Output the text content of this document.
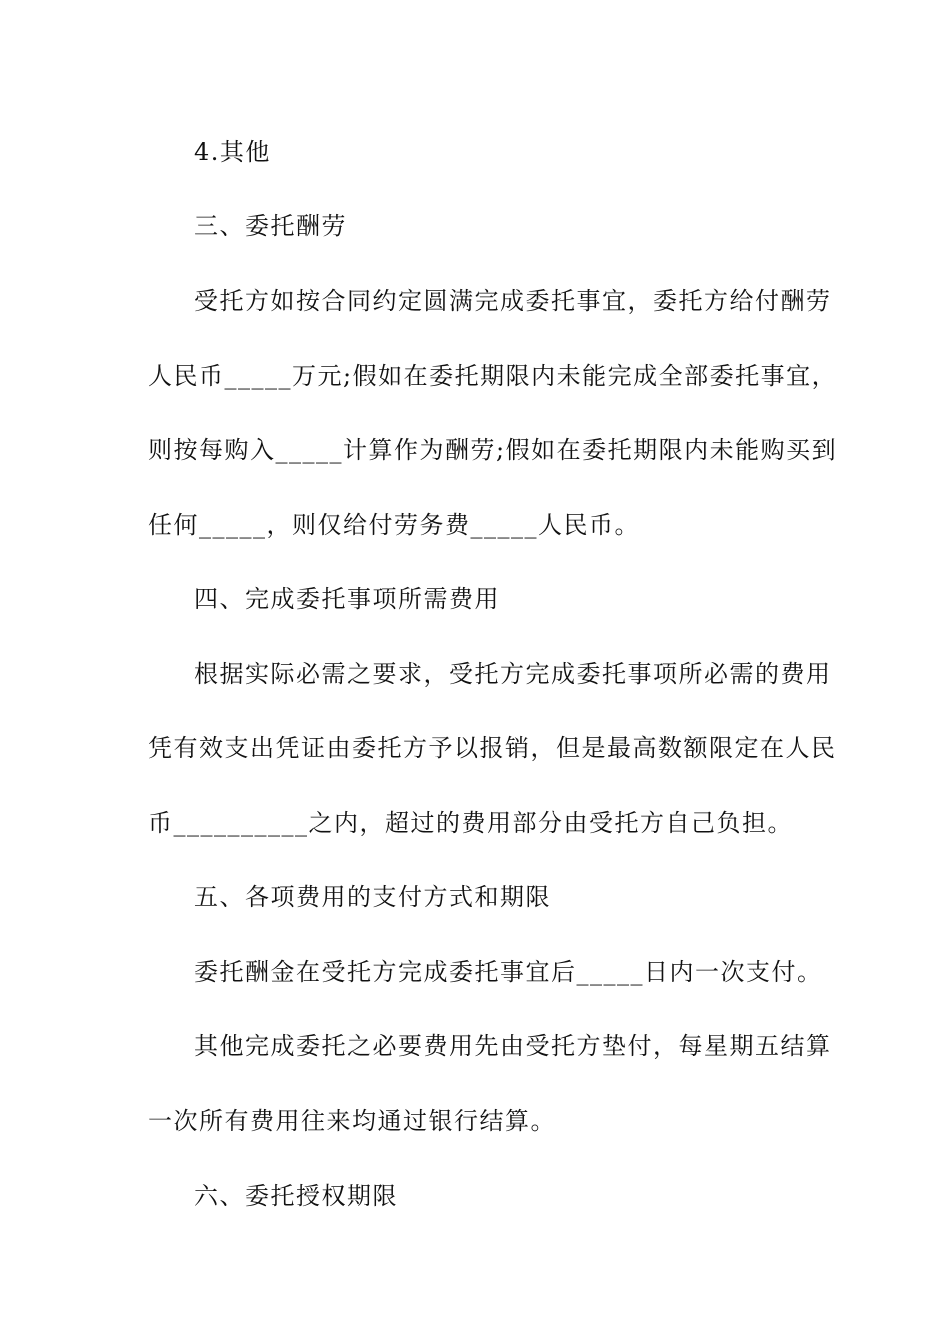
4.其他

三、委托酬劳

受托方如按合同约定圆满完成委托事宜，委托方给付酬劳

人民币_____万元;假如在委托期限内未能完成全部委托事宜，

则按每购入_____计算作为酬劳;假如在委托期限内未能购买到

任何_____，则仅给付劳务费_____人民币。

四、完成委托事项所需费用

根据实际必需之要求，受托方完成委托事项所必需的费用

凭有效支出凭证由委托方予以报销，但是最高数额限定在人民

币__________之内，超过的费用部分由受托方自己负担。

五、各项费用的支付方式和期限

委托酬金在受托方完成委托事宜后_____日内一次支付。

其他完成委托之必要费用先由受托方垫付，每星期五结算

一次所有费用往来均通过银行结算。

六、委托授权期限
